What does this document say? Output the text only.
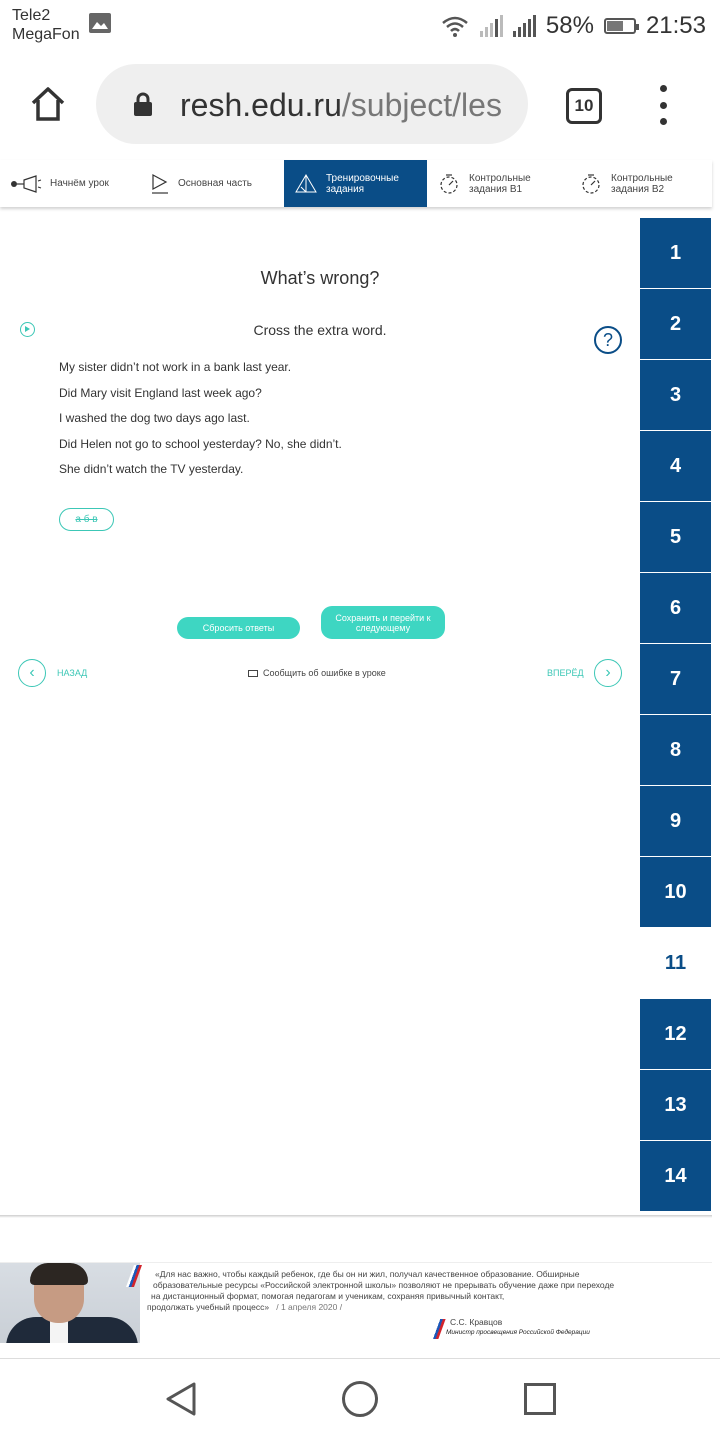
Tele2
MegaFon	58% 21:53
resh.edu.ru/subject/les	10
Начнём урок	Основная часть	Тренировочные
задания
Контрольные
задания В1
Контрольные
задания В2
1
2
3
4
5
6
7
8
9
10
11
12
13
14
What’s wrong?
Cross the extra word.	?
My sister didn’t not work in a bank last year.
Did Mary visit England last week ago?
I washed the dog two days ago last.
Did Helen not go to school yesterday? No, she didn’t.
She didn’t watch the TV yesterday.
а б в
Сбросить ответы
Сохранить и перейти к следующему
‹	НАЗАД	Сообщить об ошибке в уроке	ВПЕРЁД	›
«Для нас важно, чтобы каждый ребенок, где бы он ни жил, получал качественное образование. Обширные
образовательные ресурсы «Российской электронной школы» позволяют не прерывать обучение даже при переходе
на дистанционный формат, помогая педагогам и ученикам, сохраняя привычный контакт,
продолжать учебный процесс» / 1 апреля 2020 /
С.С. Кравцов
Министр просвещения Российской Федерации
